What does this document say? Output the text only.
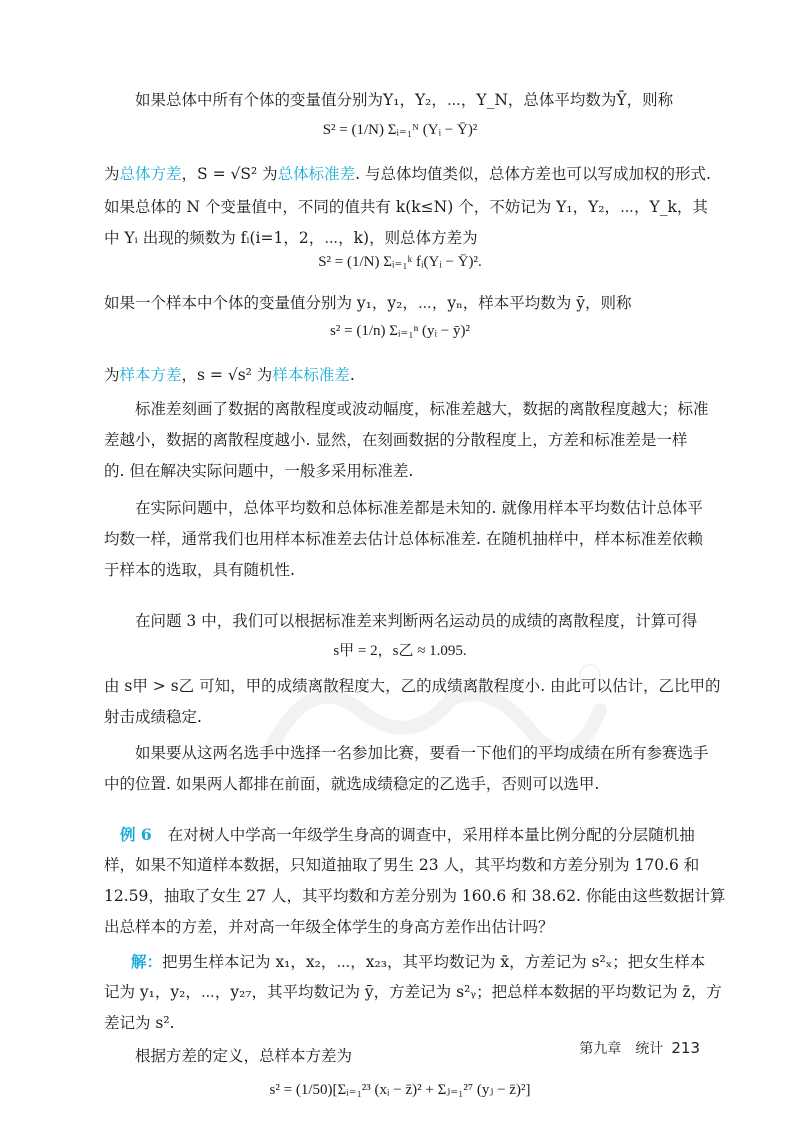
如果总体中所有个体的变量值分别为Y₁，Y₂，⋯，Y_N，总体平均数为Ȳ，则称
S² = (1/N) Σᵢ₌₁ᴺ (Yᵢ − Ȳ)²
为总体方差，S = √S² 为总体标准差. 与总体均值类似，总体方差也可以写成加权的形式.
如果总体的 N 个变量值中，不同的值共有 k(k≤N) 个，不妨记为 Y₁，Y₂，⋯，Y_k，其
中 Yᵢ 出现的频数为 fᵢ(i=1，2，⋯，k)，则总体方差为
S² = (1/N) Σᵢ₌₁ᵏ fᵢ(Yᵢ − Ȳ)².
如果一个样本中个体的变量值分别为 y₁，y₂，⋯，yₙ，样本平均数为 ȳ，则称
s² = (1/n) Σᵢ₌₁ⁿ (yᵢ − ȳ)²
为样本方差，s = √s² 为样本标准差.
标准差刻画了数据的离散程度或波动幅度，标准差越大，数据的离散程度越大；标准
差越小，数据的离散程度越小. 显然，在刻画数据的分散程度上，方差和标准差是一样
的. 但在解决实际问题中，一般多采用标准差.
在实际问题中，总体平均数和总体标准差都是未知的. 就像用样本平均数估计总体平
均数一样，通常我们也用样本标准差去估计总体标准差. 在随机抽样中，样本标准差依赖
于样本的选取，具有随机性.
在问题 3 中，我们可以根据标准差来判断两名运动员的成绩的离散程度，计算可得
s甲 = 2，s乙 ≈ 1.095.
由 s甲 > s乙 可知，甲的成绩离散程度大，乙的成绩离散程度小. 由此可以估计，乙比甲的
射击成绩稳定.
如果要从这两名选手中选择一名参加比赛，要看一下他们的平均成绩在所有参赛选手
中的位置. 如果两人都排在前面，就选成绩稳定的乙选手，否则可以选甲.
例 6 在对树人中学高一年级学生身高的调查中，采用样本量比例分配的分层随机抽
样，如果不知道样本数据，只知道抽取了男生 23 人，其平均数和方差分别为 170.6 和
12.59，抽取了女生 27 人，其平均数和方差分别为 160.6 和 38.62. 你能由这些数据计算
出总样本的方差，并对高一年级全体学生的身高方差作出估计吗？
解：把男生样本记为 x₁，x₂，⋯，x₂₃，其平均数记为 x̄，方差记为 s²ₓ；把女生样本
记为 y₁，y₂，⋯，y₂₇，其平均数记为 ȳ，方差记为 s²ᵧ；把总样本数据的平均数记为 z̄，方
差记为 s².
根据方差的定义，总样本方差为
s² = (1/50)[Σᵢ₌₁²³ (xᵢ − z̄)² + Σⱼ₌₁²⁷ (yⱼ − z̄)²]
第九章　统计 213
